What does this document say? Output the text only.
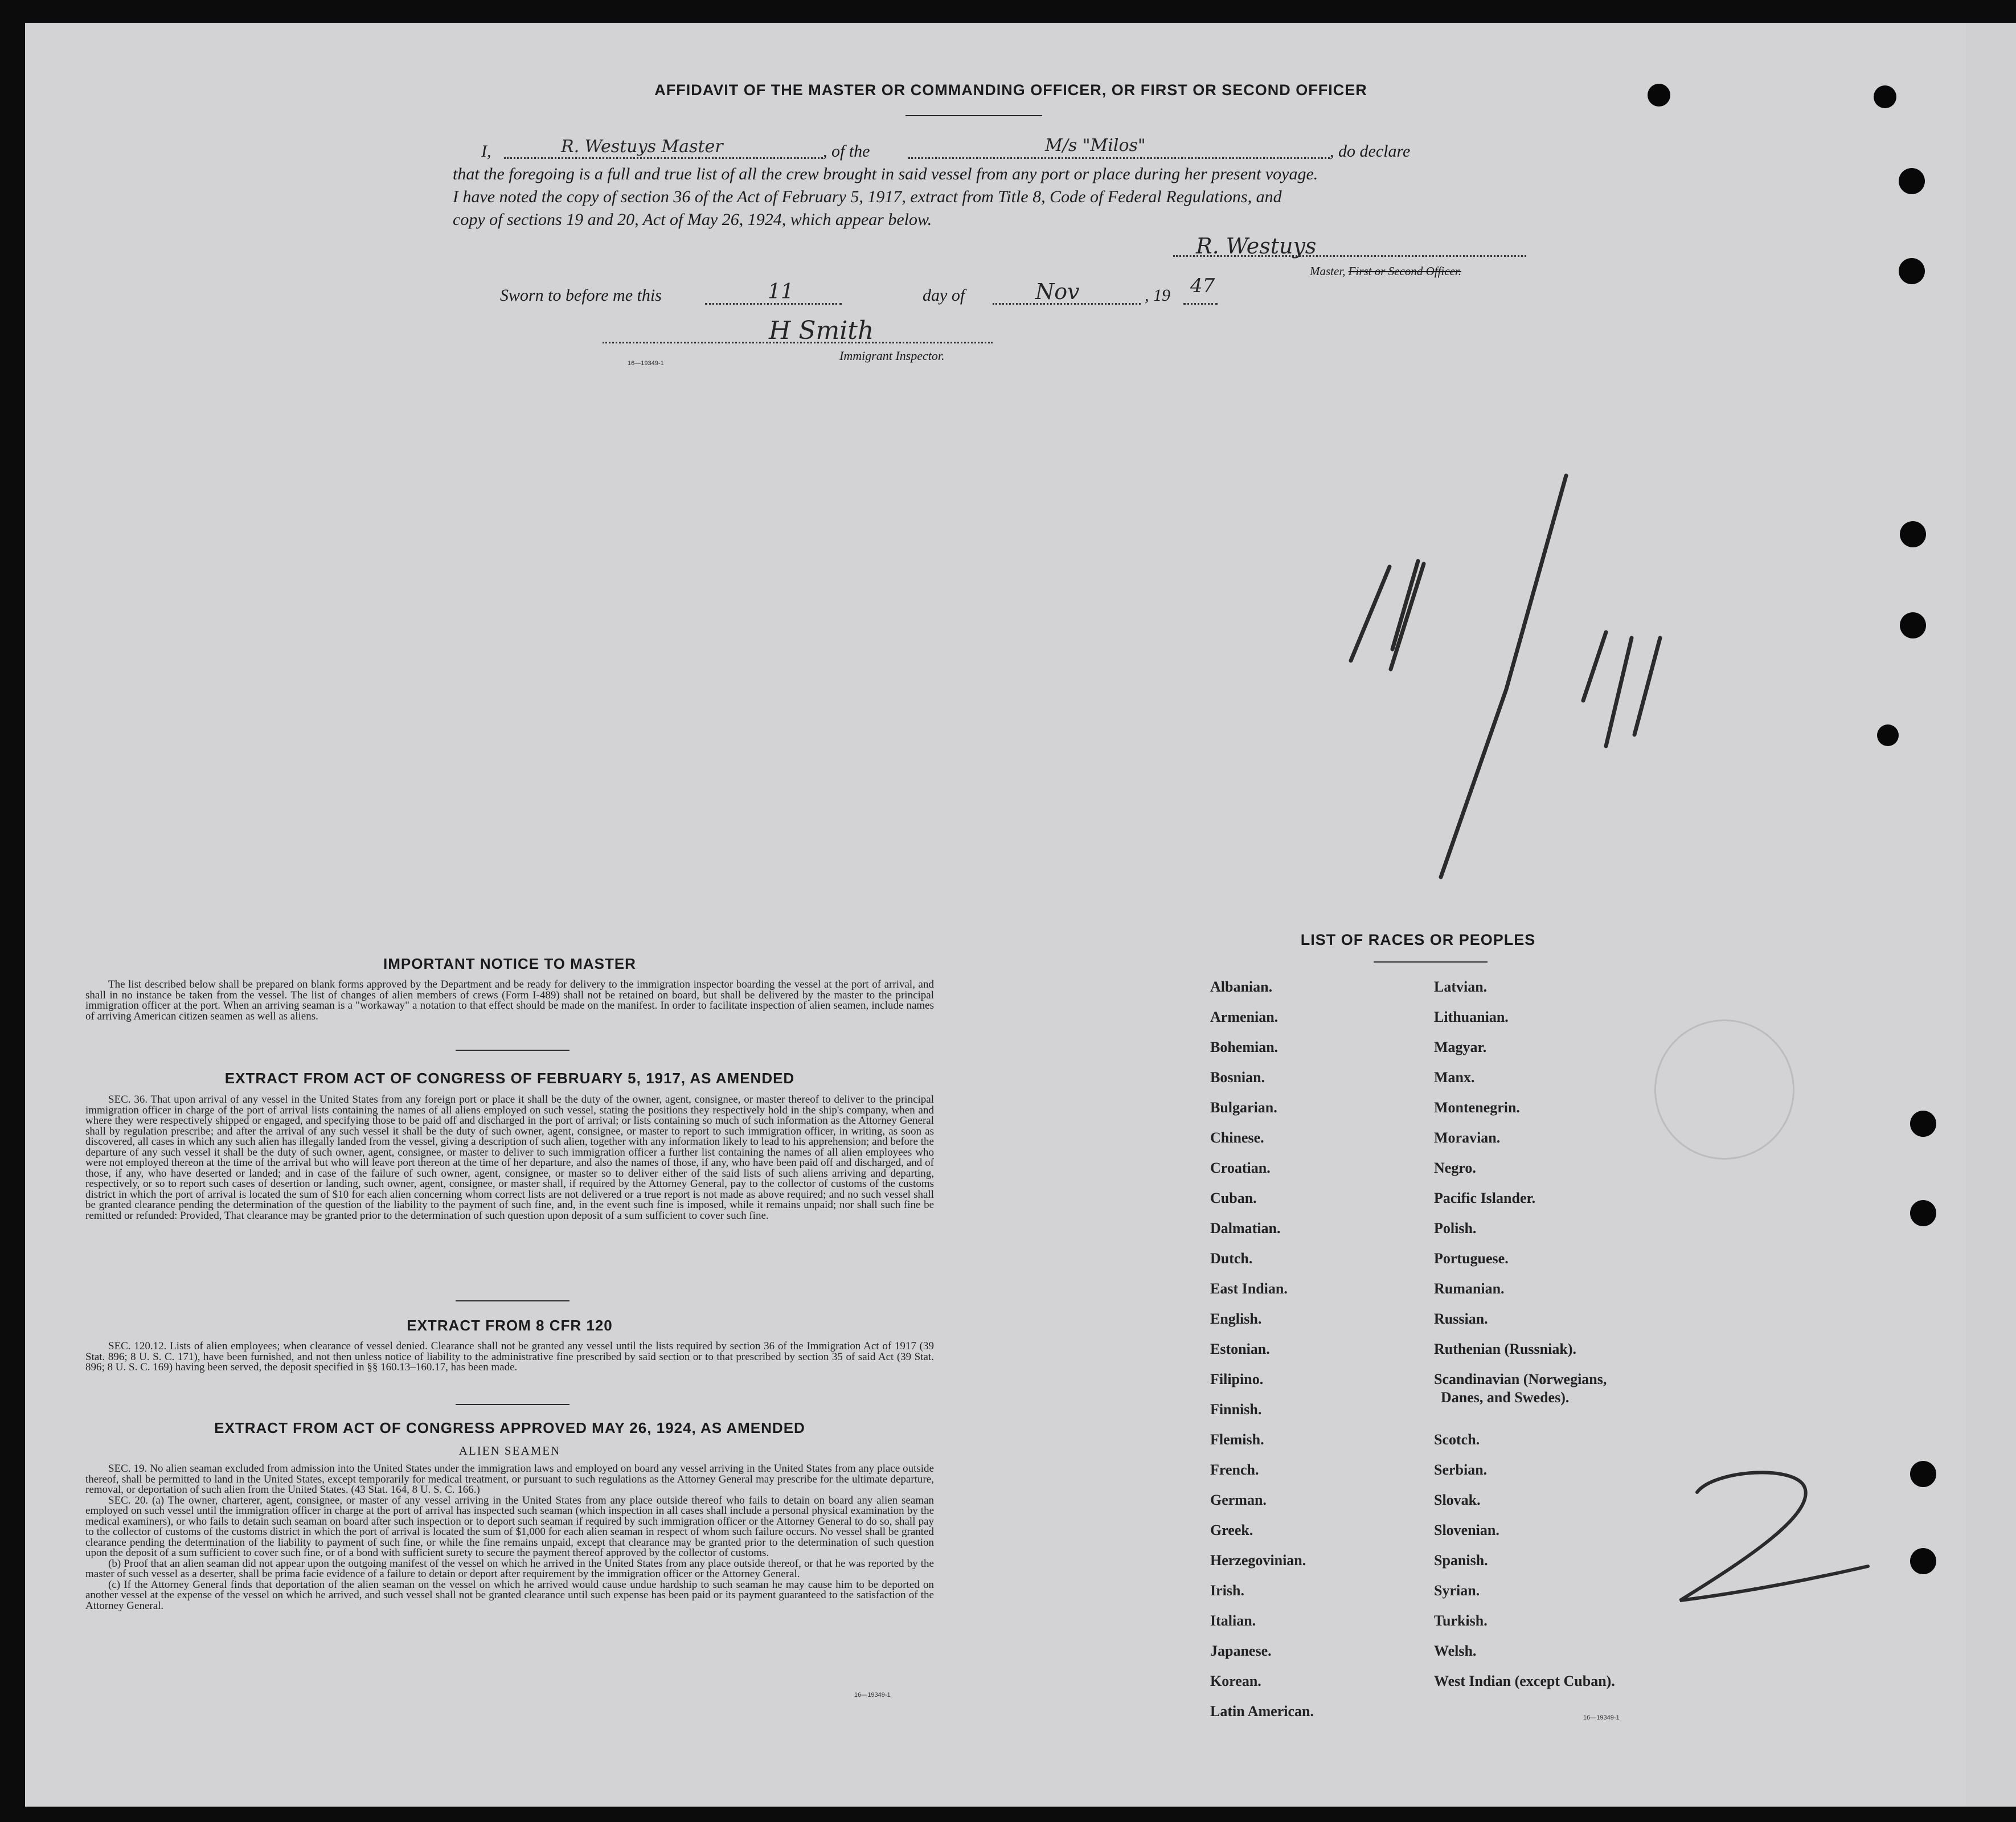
AFFIDAVIT OF THE MASTER OR COMMANDING OFFICER, OR FIRST OR SECOND OFFICER
I,	R. Westuys Master	, of the	M/s "Milos"	, do declare
that the foregoing is a full and true list of all the crew brought in said vessel from any port or place during her present voyage.
I have noted the copy of section 36 of the Act of February 5, 1917, extract from Title 8, Code of Federal Regulations, and
copy of sections 19 and 20, Act of May 26, 1924, which appear below.
R. Westuys
Master, First or Second Officer.
Sworn to before me this	11	day of	Nov	, 19 47
H Smith
Immigrant Inspector.
16—19349-1
IMPORTANT NOTICE TO MASTER

The list described below shall be prepared on blank forms approved by the Department and be ready for delivery to the immigration inspector boarding the vessel at the port of arrival, and shall in no instance be taken from the vessel. The list of changes of alien members of crews (Form I-489) shall not be retained on board, but shall be delivered by the master to the principal immigration officer at the port. When an arriving seaman is a "workaway" a notation to that effect should be made on the manifest. In order to facilitate inspection of alien seamen, include names of arriving American citizen seamen as well as aliens.

EXTRACT FROM ACT OF CONGRESS OF FEBRUARY 5, 1917, AS AMENDED

SEC. 36. That upon arrival of any vessel in the United States from any foreign port or place it shall be the duty of the owner, agent, consignee, or master thereof to deliver to the principal immigration officer in charge of the port of arrival lists containing the names of all aliens employed on such vessel, stating the positions they respectively hold in the ship's company, when and where they were respectively shipped or engaged, and specifying those to be paid off and discharged in the port of arrival; or lists containing so much of such information as the Attorney General shall by regulation prescribe; and after the arrival of any such vessel it shall be the duty of such owner, agent, consignee, or master to report to such immigration officer, in writing, as soon as discovered, all cases in which any such alien has illegally landed from the vessel, giving a description of such alien, together with any information likely to lead to his apprehension; and before the departure of any such vessel it shall be the duty of such owner, agent, consignee, or master to deliver to such immigration officer a further list containing the names of all alien employees who were not employed thereon at the time of the arrival but who will leave port thereon at the time of her departure, and also the names of those, if any, who have been paid off and discharged, and of those, if any, who have deserted or landed; and in case of the failure of such owner, agent, consignee, or master so to deliver either of the said lists of such aliens arriving and departing, respectively, or so to report such cases of desertion or landing, such owner, agent, consignee, or master shall, if required by the Attorney General, pay to the collector of customs of the customs district in which the port of arrival is located the sum of $10 for each alien concerning whom correct lists are not delivered or a true report is not made as above required; and no such vessel shall be granted clearance pending the determination of the question of the liability to the payment of such fine, and, in the event such fine is imposed, while it remains unpaid; nor shall such fine be remitted or refunded: Provided, That clearance may be granted prior to the determination of such question upon deposit of a sum sufficient to cover such fine.

EXTRACT FROM 8 CFR 120

SEC. 120.12. Lists of alien employees; when clearance of vessel denied. Clearance shall not be granted any vessel until the lists required by section 36 of the Immigration Act of 1917 (39 Stat. 896; 8 U. S. C. 171), have been furnished, and not then unless notice of liability to the administrative fine prescribed by said section or to that prescribed by section 35 of said Act (39 Stat. 896; 8 U. S. C. 169) having been served, the deposit specified in §§ 160.13–160.17, has been made.

EXTRACT FROM ACT OF CONGRESS APPROVED MAY 26, 1924, AS AMENDED
ALIEN SEAMEN

SEC. 19. No alien seaman excluded from admission into the United States under the immigration laws and employed on board any vessel arriving in the United States from any place outside thereof, shall be permitted to land in the United States, except temporarily for medical treatment, or pursuant to such regulations as the Attorney General may prescribe for the ultimate departure, removal, or deportation of such alien from the United States. (43 Stat. 164, 8 U. S. C. 166.)

SEC. 20. (a) The owner, charterer, agent, consignee, or master of any vessel arriving in the United States from any place outside thereof who fails to detain on board any alien seaman employed on such vessel until the immigration officer in charge at the port of arrival has inspected such seaman (which inspection in all cases shall include a personal physical examination by the medical examiners), or who fails to detain such seaman on board after such inspection or to deport such seaman if required by such immigration officer or the Attorney General to do so, shall pay to the collector of customs of the customs district in which the port of arrival is located the sum of $1,000 for each alien seaman in respect of whom such failure occurs. No vessel shall be granted clearance pending the determination of the liability to payment of such fine, or while the fine remains unpaid, except that clearance may be granted prior to the determination of such question upon the deposit of a sum sufficient to cover such fine, or of a bond with sufficient surety to secure the payment thereof approved by the collector of customs.

(b) Proof that an alien seaman did not appear upon the outgoing manifest of the vessel on which he arrived in the United States from any place outside thereof, or that he was reported by the master of such vessel as a deserter, shall be prima facie evidence of a failure to detain or deport after requirement by the immigration officer or the Attorney General.

(c) If the Attorney General finds that deportation of the alien seaman on the vessel on which he arrived would cause undue hardship to such seaman he may cause him to be deported on another vessel at the expense of the vessel on which he arrived, and such vessel shall not be granted clearance until such expense has been paid or its payment guaranteed to the satisfaction of the Attorney General.

16—19349-1
LIST OF RACES OR PEOPLES
Albanian.
Armenian.
Bohemian.
Bosnian.
Bulgarian.
Chinese.
Croatian.
Cuban.
Dalmatian.
Dutch.
East Indian.
English.
Estonian.
Filipino.
Finnish.
Flemish.
French.
German.
Greek.
Herzegovinian.
Irish.
Italian.
Japanese.
Korean.
Latin American.
Latvian.
Lithuanian.
Magyar.
Manx.
Montenegrin.
Moravian.
Negro.
Pacific Islander.
Polish.
Portuguese.
Rumanian.
Russian.
Ruthenian (Russniak).
Scandinavian (Norwegians,
Danes, and Swedes).
Scotch.
Serbian.
Slovak.
Slovenian.
Spanish.
Syrian.
Turkish.
Welsh.
West Indian (except Cuban).
16—19349-1
